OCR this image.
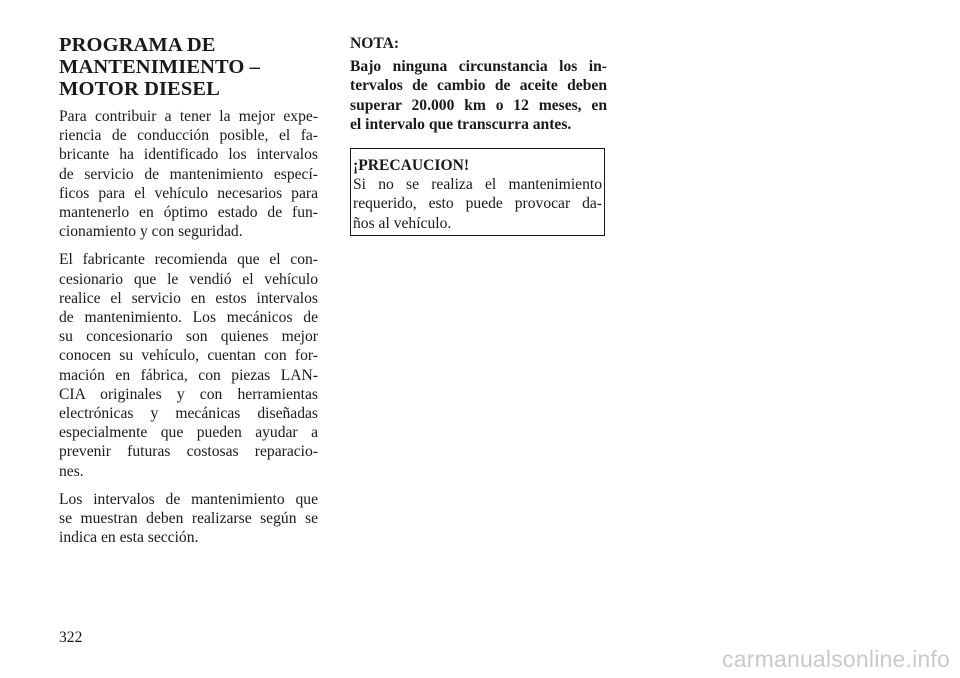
PROGRAMA DE
MANTENIMIENTO –
MOTOR DIESEL

Para contribuir a tener la mejor expe-
riencia de conducción posible, el fa-
bricante ha identificado los intervalos
de servicio de mantenimiento especí-
ficos para el vehículo necesarios para
mantenerlo en óptimo estado de fun-
cionamiento y con seguridad.

El fabricante recomienda que el con-
cesionario que le vendió el vehículo
realice el servicio en estos intervalos
de mantenimiento. Los mecánicos de
su concesionario son quienes mejor
conocen su vehículo, cuentan con for-
mación en fábrica, con piezas LAN-
CIA originales y con herramientas
electrónicas y mecánicas diseñadas
especialmente que pueden ayudar a
prevenir futuras costosas reparacio-
nes.

Los intervalos de mantenimiento que
se muestran deben realizarse según se
indica en esta sección.

NOTA:

Bajo ninguna circunstancia los in-
tervalos de cambio de aceite deben
superar 20.000 km o 12 meses, en
el intervalo que transcurra antes.

¡PRECAUCION!

Si no se realiza el mantenimiento
requerido, esto puede provocar da-
ños al vehículo.

322
carmanualsonline.info
